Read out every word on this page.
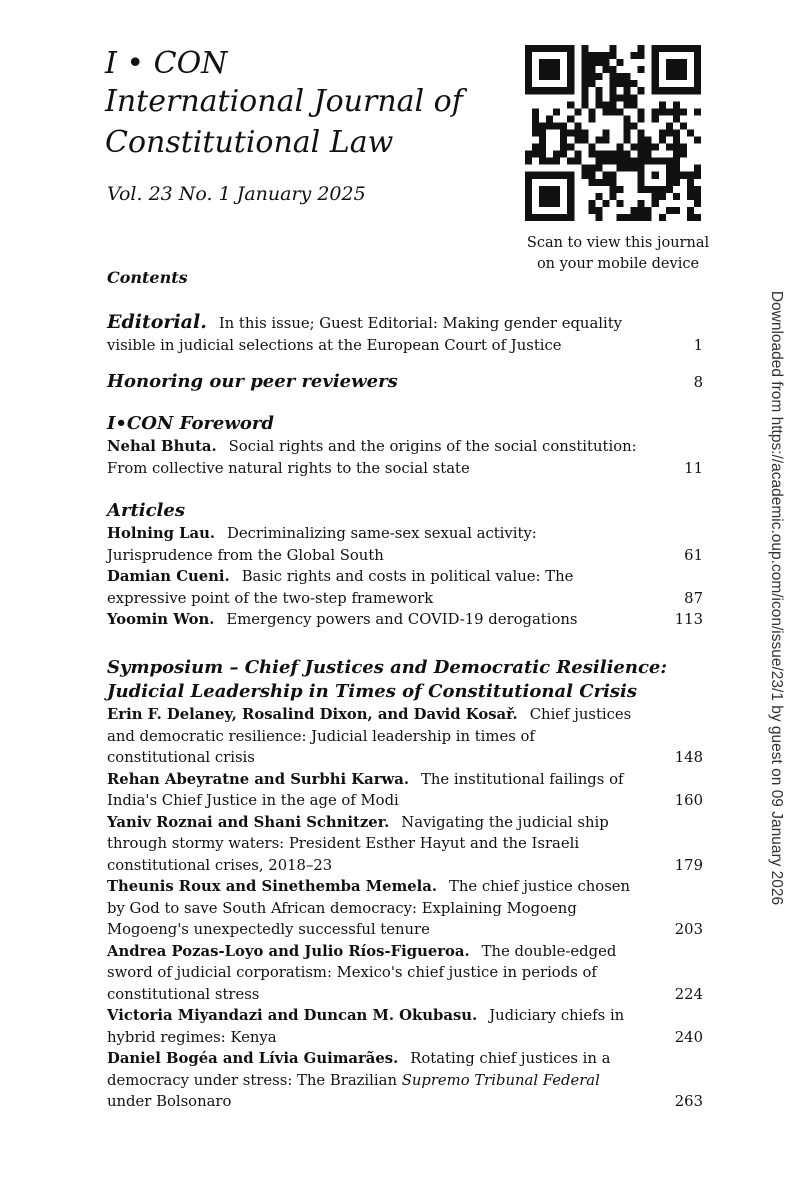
I • CON
International Journal of
Constitutional Law
Vol. 23 No. 1 January 2025
Scan to view this journal
on your mobile device
Contents
Editorial. In this issue; Guest Editorial: Making gender equality visible in judicial selections at the European Court of Justice	1
Honoring our peer reviewers	8
I•CON Foreword
Nehal Bhuta. Social rights and the origins of the social constitution: From collective natural rights to the social state	11
Articles
Holning Lau. Decriminalizing same-sex sexual activity: Jurisprudence from the Global South	61
Damian Cueni. Basic rights and costs in political value: The expressive point of the two-step framework	87
Yoomin Won. Emergency powers and COVID-19 derogations	113
Symposium – Chief Justices and Democratic Resilience:
Judicial Leadership in Times of Constitutional Crisis
Erin F. Delaney, Rosalind Dixon, and David Kosař. Chief justices and democratic resilience: Judicial leadership in times of constitutional crisis	148
Rehan Abeyratne and Surbhi Karwa. The institutional failings of India's Chief Justice in the age of Modi	160
Yaniv Roznai and Shani Schnitzer. Navigating the judicial ship through stormy waters: President Esther Hayut and the Israeli constitutional crises, 2018–23	179
Theunis Roux and Sinethemba Memela. The chief justice chosen by God to save South African democracy: Explaining Mogoeng Mogoeng's unexpectedly successful tenure	203
Andrea Pozas-Loyo and Julio Ríos-Figueroa. The double-edged sword of judicial corporatism: Mexico's chief justice in periods of constitutional stress	224
Victoria Miyandazi and Duncan M. Okubasu. Judiciary chiefs in hybrid regimes: Kenya	240
Daniel Bogéa and Lívia Guimarães. Rotating chief justices in a democracy under stress: The Brazilian Supremo Tribunal Federal under Bolsonaro	263
Downloaded from https://academic.oup.com/icon/issue/23/1 by guest on 09 January 2026
